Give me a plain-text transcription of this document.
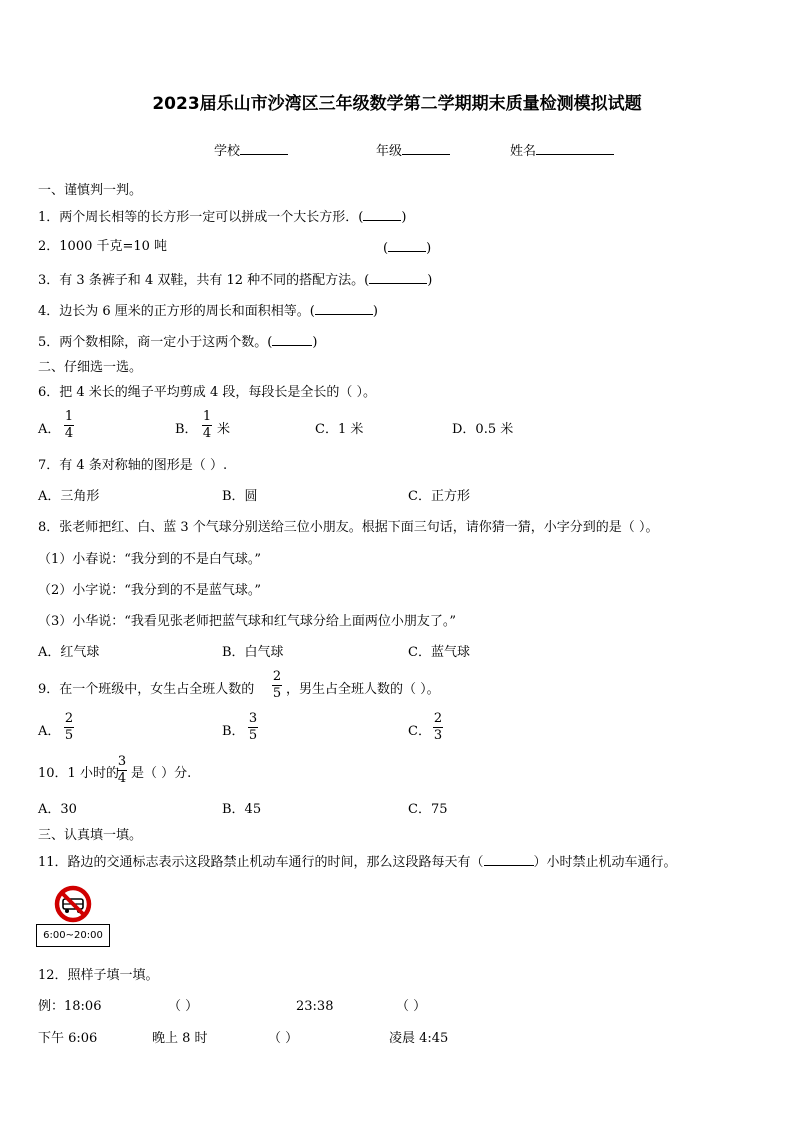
2023届乐山市沙湾区三年级数学第二学期期末质量检测模拟试题
学校	年级	姓名
一、谨慎判一判。
1．两个周长相等的长方形一定可以拼成一个大长方形．(	)
2．1000 千克=10 吨	(	)
3．有 3 条裤子和 4 双鞋，共有 12 种不同的搭配方法。(	)
4．边长为 6 厘米的正方形的周长和面积相等。(	)
5．两个数相除，商一定小于这两个数。(	)
二、仔细选一选。
6．把 4 米长的绳子平均剪成 4 段，每段长是全长的（ ）。
A．
1
4	B．
1
4 米	C．1 米	D．0.5 米
7．有 4 条对称轴的图形是（ ）.
A．三角形	B．圆	C．正方形
8．张老师把红、白、蓝 3 个气球分别送给三位小朋友。根据下面三句话，请你猜一猜，小字分到的是（ ）。
（1）小春说：“我分到的不是白气球。”
（2）小字说：“我分到的不是蓝气球。”
（3）小华说：“我看见张老师把蓝气球和红气球分给上面两位小朋友了。”
A．红气球	B．白气球	C．蓝气球
9．在一个班级中，女生占全班人数的
2
5 ，男生占全班人数的（ ）。
A．
2
5	B．
3
5	C．
2
3
10．1 小时的
3
4 是（ ）分.
A．30	B．45	C．75
三、认真填一填。
11．路边的交通标志表示这段路禁止机动车通行的时间，那么这段路每天有（	）小时禁止机动车通行。
6:00~20:00
12．照样子填一填。
例：18:06	（ ）	23:38	（ ）
下午 6:06	晚上 8 时	（ ）	凌晨 4:45
